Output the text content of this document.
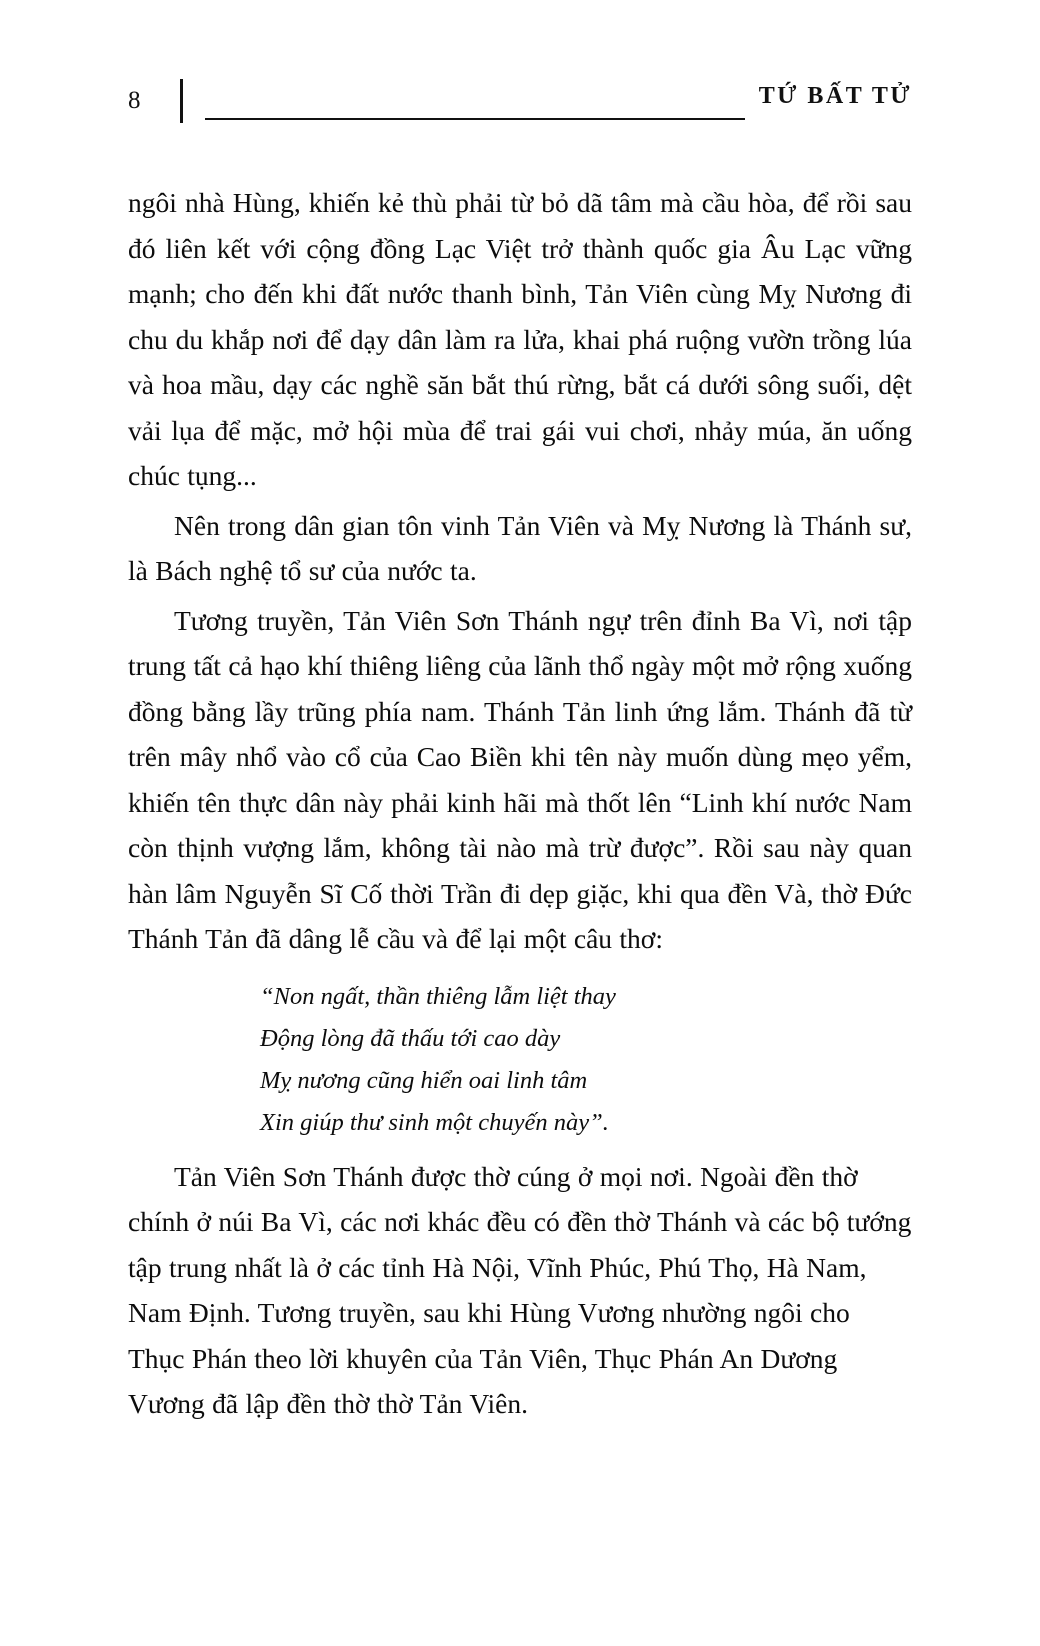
8	TỨ BẤT TỬ

ngôi nhà Hùng, khiến kẻ thù phải từ bỏ dã tâm mà cầu hòa, để rồi sau đó liên kết với cộng đồng Lạc Việt trở thành quốc gia Âu Lạc vững mạnh; cho đến khi đất nước thanh bình, Tản Viên cùng Mỵ Nương đi chu du khắp nơi để dạy dân làm ra lửa, khai phá ruộng vườn trồng lúa và hoa mầu, dạy các nghề săn bắt thú rừng, bắt cá dưới sông suối, dệt vải lụa để mặc, mở hội mùa để trai gái vui chơi, nhảy múa, ăn uống chúc tụng...

Nên trong dân gian tôn vinh Tản Viên và Mỵ Nương là Thánh sư, là Bách nghệ tổ sư của nước ta.

Tương truyền, Tản Viên Sơn Thánh ngự trên đỉnh Ba Vì, nơi tập trung tất cả hạo khí thiêng liêng của lãnh thổ ngày một mở rộng xuống đồng bằng lầy trũng phía nam. Thánh Tản linh ứng lắm. Thánh đã từ trên mây nhổ vào cổ của Cao Biền khi tên này muốn dùng mẹo yểm, khiến tên thực dân này phải kinh hãi mà thốt lên “Linh khí nước Nam còn thịnh vượng lắm, không tài nào mà trừ được”. Rồi sau này quan hàn lâm Nguyễn Sĩ Cố thời Trần đi dẹp giặc, khi qua đền Và, thờ Đức Thánh Tản đã dâng lễ cầu và để lại một câu thơ:

“Non ngất, thần thiêng lẫm liệt thay
Động lòng đã thấu tới cao dày
Mỵ nương cũng hiển oai linh tâm
Xin giúp thư sinh một chuyến này”.

Tản Viên Sơn Thánh được thờ cúng ở mọi nơi. Ngoài đền thờ chính ở núi Ba Vì, các nơi khác đều có đền thờ Thánh và các bộ tướng tập trung nhất là ở các tỉnh Hà Nội, Vĩnh Phúc, Phú Thọ, Hà Nam, Nam Định. Tương truyền, sau khi Hùng Vương nhường ngôi cho Thục Phán theo lời khuyên của Tản Viên, Thục Phán An Dương Vương đã lập đền thờ thờ Tản Viên.
